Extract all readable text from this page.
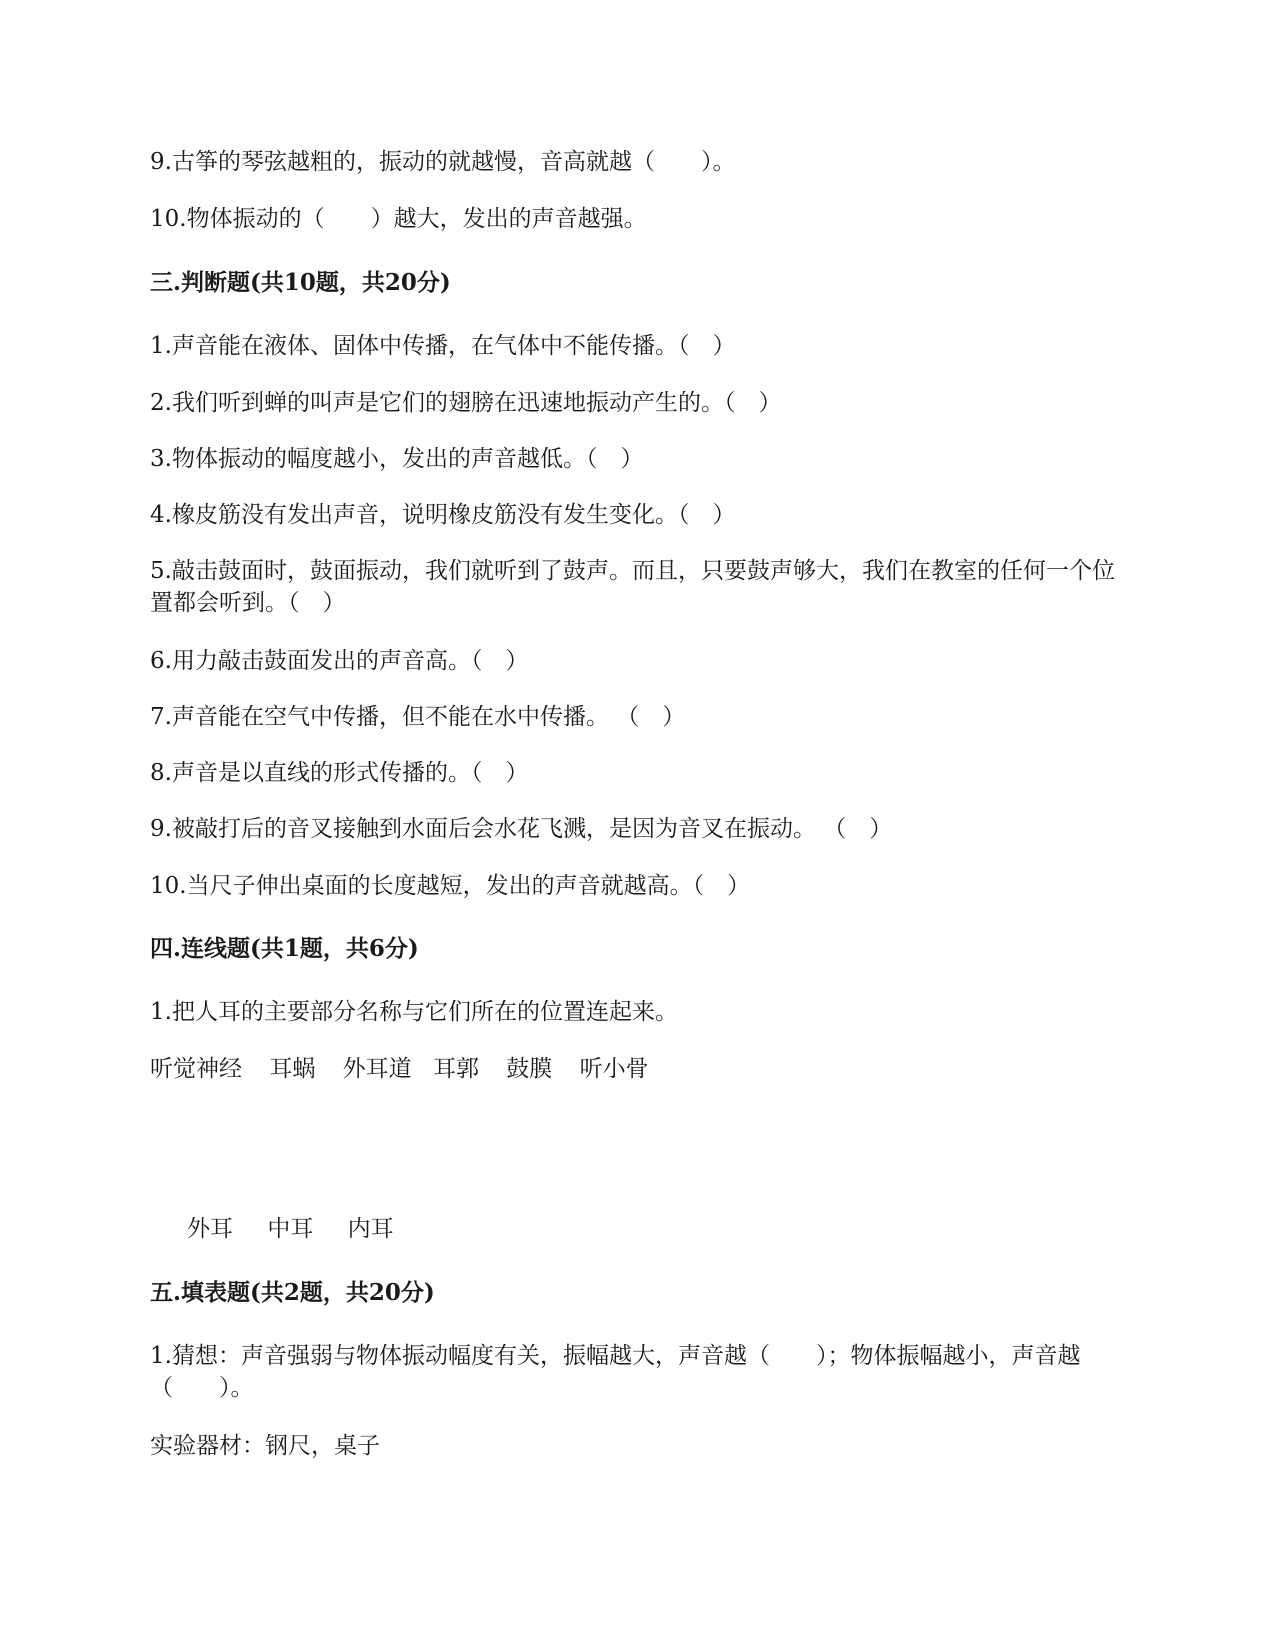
9.古筝的琴弦越粗的，振动的就越慢，音高就越（　　）。
10.物体振动的（　　）越大，发出的声音越强。
三.判断题(共10题，共20分)
1.声音能在液体、固体中传播，在气体中不能传播。（　）
2.我们听到蝉的叫声是它们的翅膀在迅速地振动产生的。（　）
3.物体振动的幅度越小，发出的声音越低。（　）
4.橡皮筋没有发出声音，说明橡皮筋没有发生变化。（　）
5.敲击鼓面时，鼓面振动，我们就听到了鼓声。而且，只要鼓声够大，我们在教室的任何一个位置都会听到。（　）
6.用力敲击鼓面发出的声音高。（　）
7.声音能在空气中传播，但不能在水中传播。 （　）
8.声音是以直线的形式传播的。（　）
9.被敲打后的音叉接触到水面后会水花飞溅，是因为音叉在振动。 （　）
10.当尺子伸出桌面的长度越短，发出的声音就越高。（　）
四.连线题(共1题，共6分)
1.把人耳的主要部分名称与它们所在的位置连起来。
听觉神经 耳蜗 外耳道 耳郭 鼓膜 听小骨
外耳 中耳 内耳
五.填表题(共2题，共20分)
1.猜想：声音强弱与物体振动幅度有关，振幅越大，声音越（　　）；物体振幅越小，声音越（　　）。
实验器材：钢尺，桌子
